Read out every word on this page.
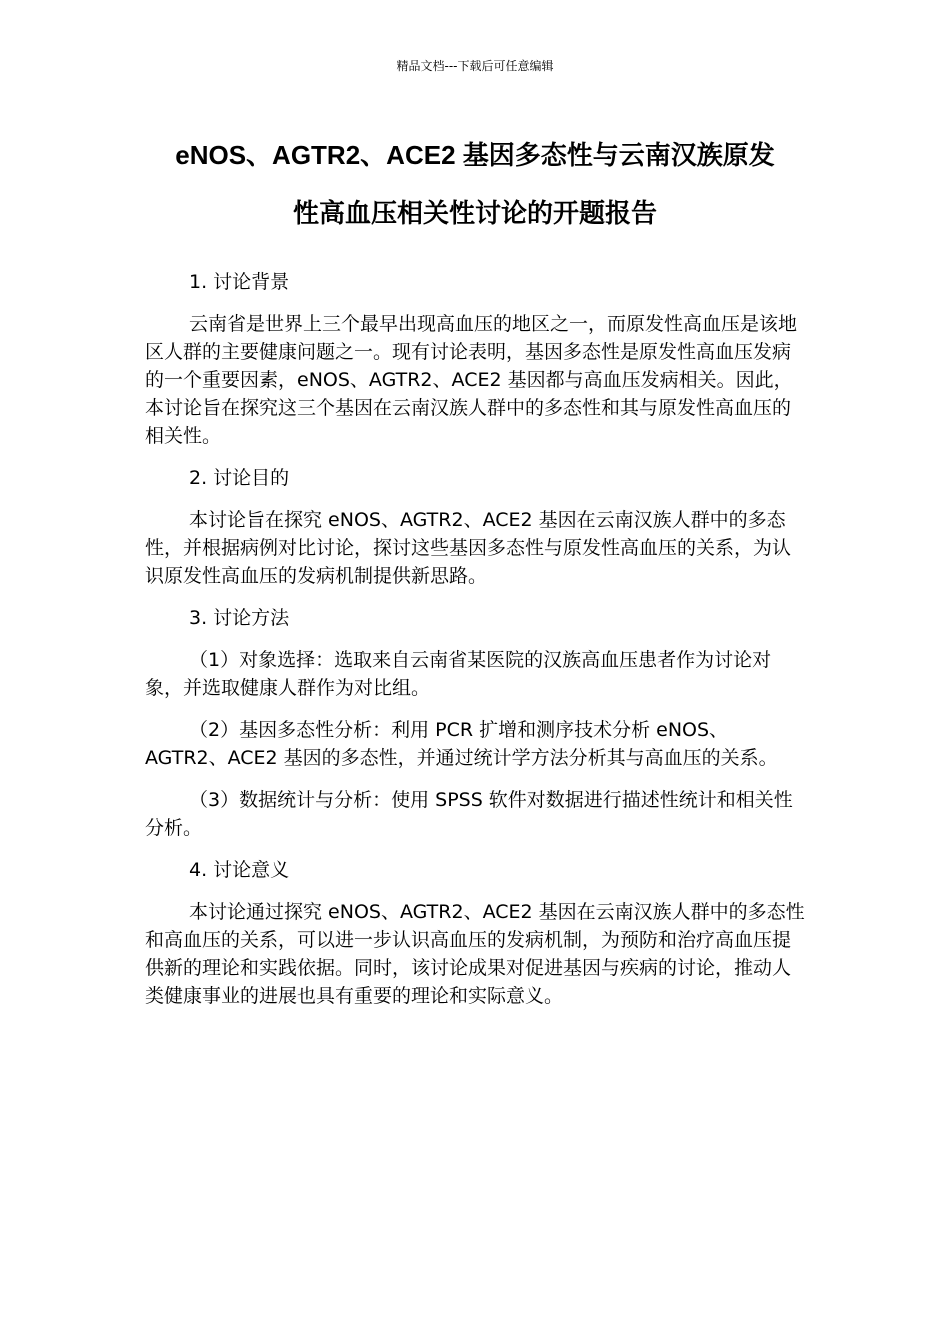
精品文档---下载后可任意编辑
eNOS、AGTR2、ACE2 基因多态性与云南汉族原发
性高血压相关性讨论的开题报告

1. 讨论背景

云南省是世界上三个最早出现高血压的地区之一，而原发性高血压是该地区人群的主要健康问题之一。现有讨论表明，基因多态性是原发性高血压发病的一个重要因素，eNOS、AGTR2、ACE2 基因都与高血压发病相关。因此，本讨论旨在探究这三个基因在云南汉族人群中的多态性和其与原发性高血压的相关性。

2. 讨论目的

本讨论旨在探究 eNOS、AGTR2、ACE2 基因在云南汉族人群中的多态性，并根据病例对比讨论，探讨这些基因多态性与原发性高血压的关系，为认识原发性高血压的发病机制提供新思路。

3. 讨论方法

（1）对象选择：选取来自云南省某医院的汉族高血压患者作为讨论对象，并选取健康人群作为对比组。

（2）基因多态性分析：利用 PCR 扩增和测序技术分析 eNOS、AGTR2、ACE2 基因的多态性，并通过统计学方法分析其与高血压的关系。

（3）数据统计与分析：使用 SPSS 软件对数据进行描述性统计和相关性分析。

4. 讨论意义

本讨论通过探究 eNOS、AGTR2、ACE2 基因在云南汉族人群中的多态性和高血压的关系，可以进一步认识高血压的发病机制，为预防和治疗高血压提供新的理论和实践依据。同时，该讨论成果对促进基因与疾病的讨论，推动人类健康事业的进展也具有重要的理论和实际意义。
